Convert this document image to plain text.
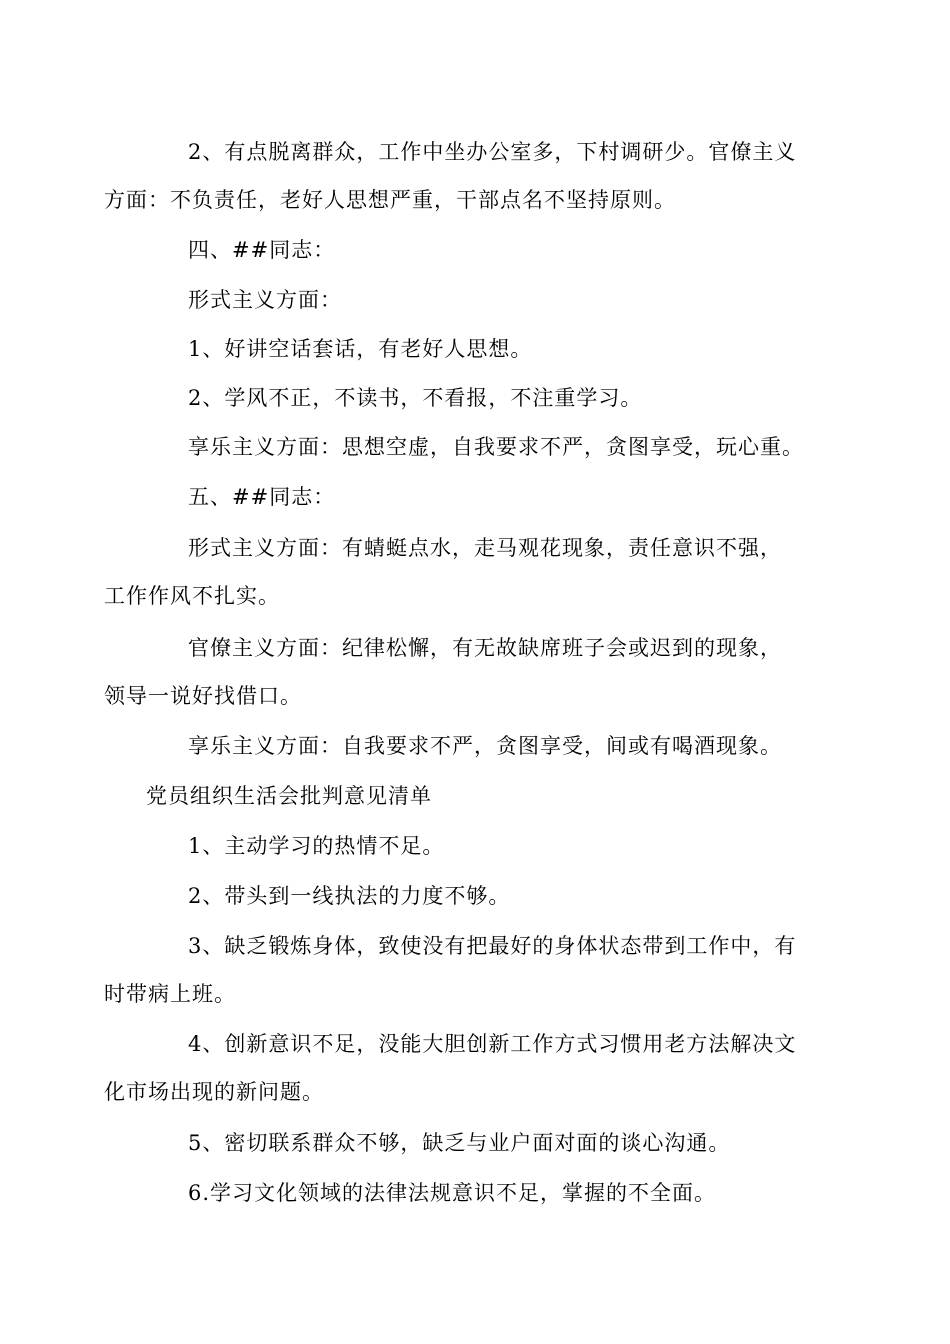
2、有点脱离群众，工作中坐办公室多，下村调研少。官僚主义
方面：不负责任，老好人思想严重，干部点名不坚持原则。
四、##同志：
形式主义方面：
1、好讲空话套话，有老好人思想。
2、学风不正，不读书，不看报，不注重学习。
享乐主义方面：思想空虚，自我要求不严，贪图享受，玩心重。
五、##同志：
形式主义方面：有蜻蜓点水，走马观花现象，责任意识不强，
工作作风不扎实。
官僚主义方面：纪律松懈，有无故缺席班子会或迟到的现象，
领导一说好找借口。
享乐主义方面：自我要求不严，贪图享受，间或有喝酒现象。
党员组织生活会批判意见清单
1、主动学习的热情不足。
2、带头到一线执法的力度不够。
3、缺乏锻炼身体，致使没有把最好的身体状态带到工作中，有
时带病上班。
4、创新意识不足，没能大胆创新工作方式习惯用老方法解决文
化市场出现的新问题。
5、密切联系群众不够，缺乏与业户面对面的谈心沟通。
6.学习文化领域的法律法规意识不足，掌握的不全面。
